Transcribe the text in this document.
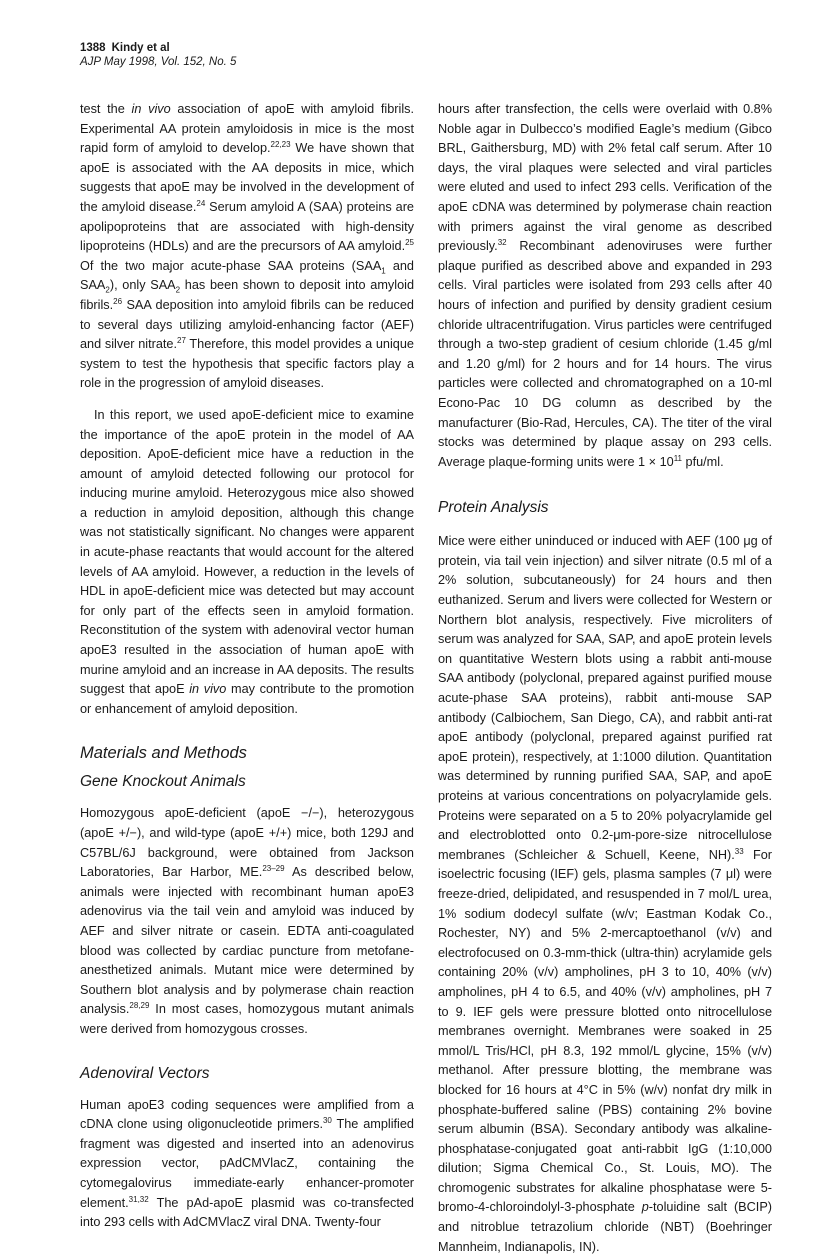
1388 Kindy et al
AJP May 1998, Vol. 152, No. 5

test the in vivo association of apoE with amyloid fibrils. Experimental AA protein amyloidosis in mice is the most rapid form of amyloid to develop.$^{22,23}$ We have shown that apoE is associated with the AA deposits in mice, which suggests that apoE may be involved in the development of the amyloid disease.$^{24}$ Serum amyloid A (SAA) proteins are apolipoproteins that are associated with high-density lipoproteins (HDLs) and are the precursors of AA amyloid.$^{25}$ Of the two major acute-phase SAA proteins ($SAA_1$ and $SAA_2$), only $SAA_2$ has been shown to deposit into amyloid fibrils.$^{26}$ SAA deposition into amyloid fibrils can be reduced to several days utilizing amyloid-enhancing factor (AEF) and silver nitrate.$^{27}$ Therefore, this model provides a unique system to test the hypothesis that specific factors play a role in the progression of amyloid diseases.

In this report, we used apoE-deficient mice to examine the importance of the apoE protein in the model of AA deposition. ApoE-deficient mice have a reduction in the amount of amyloid detected following our protocol for inducing murine amyloid. Heterozygous mice also showed a reduction in amyloid deposition, although this change was not statistically significant. No changes were apparent in acute-phase reactants that would account for the altered levels of AA amyloid. However, a reduction in the levels of HDL in apoE-deficient mice was detected but may account for only part of the effects seen in amyloid formation. Reconstitution of the system with adenoviral vector human apoE3 resulted in the association of human apoE with murine amyloid and an increase in AA deposits. The results suggest that apoE in vivo may contribute to the promotion or enhancement of amyloid deposition.

Materials and Methods
Gene Knockout Animals

Homozygous apoE-deficient (apoE −/−), heterozygous (apoE +/−), and wild-type (apoE +/+) mice, both 129J and C57BL/6J background, were obtained from Jackson Laboratories, Bar Harbor, ME.$^{23-29}$ As described below, animals were injected with recombinant human apoE3 adenovirus via the tail vein and amyloid was induced by AEF and silver nitrate or casein. EDTA anti-coagulated blood was collected by cardiac puncture from metofane-anesthetized animals. Mutant mice were determined by Southern blot analysis and by polymerase chain reaction analysis.$^{28,29}$ In most cases, homozygous mutant animals were derived from homozygous crosses.

Adenoviral Vectors

Human apoE3 coding sequences were amplified from a cDNA clone using oligonucleotide primers.$^{30}$ The amplified fragment was digested and inserted into an adenovirus expression vector, pAdCMVlacZ, containing the cytomegalovirus immediate-early enhancer-promoter element.$^{31,32}$ The pAd-apoE plasmid was co-transfected into 293 cells with AdCMVlacZ viral DNA. Twenty-four

hours after transfection, the cells were overlaid with 0.8% Noble agar in Dulbecco’s modified Eagle’s medium (Gibco BRL, Gaithersburg, MD) with 2% fetal calf serum. After 10 days, the viral plaques were selected and viral particles were eluted and used to infect 293 cells. Verification of the apoE cDNA was determined by polymerase chain reaction with primers against the viral genome as described previously.$^{32}$ Recombinant adenoviruses were further plaque purified as described above and expanded in 293 cells. Viral particles were isolated from 293 cells after 40 hours of infection and purified by density gradient cesium chloride ultracentrifugation. Virus particles were centrifuged through a two-step gradient of cesium chloride (1.45 g/ml and 1.20 g/ml) for 2 hours and for 14 hours. The virus particles were collected and chromatographed on a 10-ml Econo-Pac 10 DG column as described by the manufacturer (Bio-Rad, Hercules, CA). The titer of the viral stocks was determined by plaque assay on 293 cells. Average plaque-forming units were $1 \times 10^{11}$ pfu/ml.

Protein Analysis

Mice were either uninduced or induced with AEF (100 μg of protein, via tail vein injection) and silver nitrate (0.5 ml of a 2% solution, subcutaneously) for 24 hours and then euthanized. Serum and livers were collected for Western or Northern blot analysis, respectively. Five microliters of serum was analyzed for SAA, SAP, and apoE protein levels on quantitative Western blots using a rabbit anti-mouse SAA antibody (polyclonal, prepared against purified mouse acute-phase SAA proteins), rabbit anti-mouse SAP antibody (Calbiochem, San Diego, CA), and rabbit anti-rat apoE antibody (polyclonal, prepared against purified rat apoE protein), respectively, at 1:1000 dilution. Quantitation was determined by running purified SAA, SAP, and apoE proteins at various concentrations on polyacrylamide gels. Proteins were separated on a 5 to 20% polyacrylamide gel and electroblotted onto 0.2-μm-pore-size nitrocellulose membranes (Schleicher & Schuell, Keene, NH).$^{33}$ For isoelectric focusing (IEF) gels, plasma samples (7 μl) were freeze-dried, delipidated, and resuspended in 7 mol/L urea, 1% sodium dodecyl sulfate (w/v; Eastman Kodak Co., Rochester, NY) and 5% 2-mercaptoethanol (v/v) and electrofocused on 0.3-mm-thick (ultra-thin) acrylamide gels containing 20% (v/v) ampholines, pH 3 to 10, 40% (v/v) ampholines, pH 4 to 6.5, and 40% (v/v) ampholines, pH 7 to 9. IEF gels were pressure blotted onto nitrocellulose membranes overnight. Membranes were soaked in 25 mmol/L Tris/HCl, pH 8.3, 192 mmol/L glycine, 15% (v/v) methanol. After pressure blotting, the membrane was blocked for 16 hours at 4°C in 5% (w/v) nonfat dry milk in phosphate-buffered saline (PBS) containing 2% bovine serum albumin (BSA). Secondary antibody was alkaline-phosphatase-conjugated goat anti-rabbit IgG (1:10,000 dilution; Sigma Chemical Co., St. Louis, MO). The chromogenic substrates for alkaline phosphatase were 5-bromo-4-chloroindolyl-3-phosphate p-toluidine salt (BCIP) and nitroblue tetrazolium chloride (NBT) (Boehringer Mannheim, Indianapolis, IN).
